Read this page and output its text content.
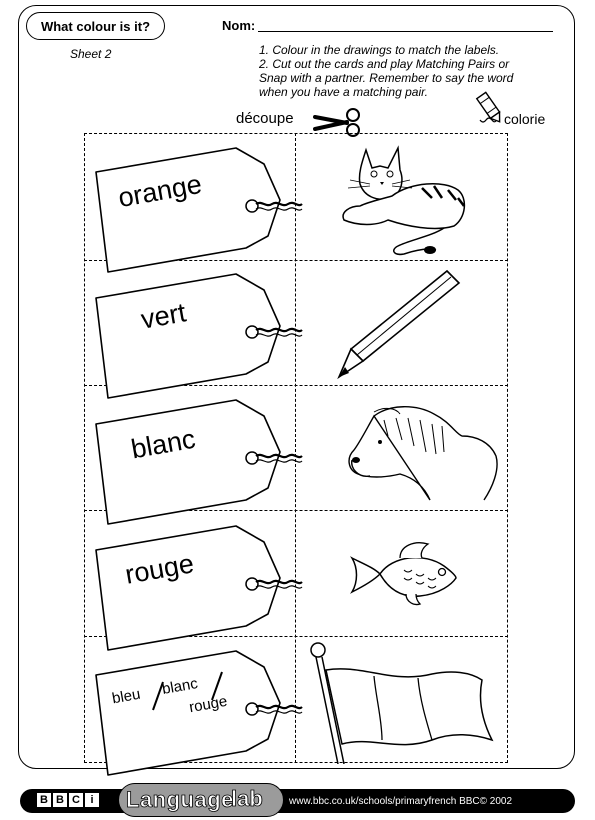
What colour is it?
Sheet 2
Nom:
1. Colour in the drawings to match the labels.
2. Cut out the cards and play Matching Pairs or
Snap with a partner. Remember to say the word
when you have a matching pair.
découpe	colorie
orange
vert
blanc
rouge
bleu blanc
rouge
B B C i Language
lab	www.bbc.co.uk/schools/primaryfrench BBC© 2002
